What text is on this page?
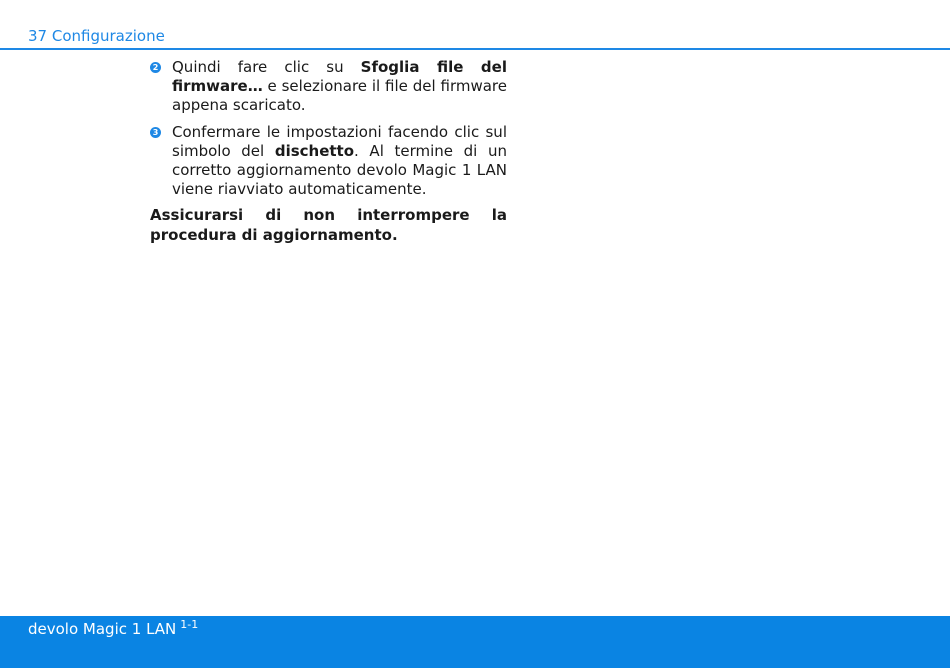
37 Configurazione
2 Quindi fare clic su Sfoglia file del firmware… e selezionare il file del firmware appena scaricato.
3 Confermare le impostazioni facendo clic sul simbolo del dischetto. Al termine di un corretto aggiornamento devolo Magic 1 LAN viene riavviato automaticamente.

Assicurarsi di non interrompere la procedura di aggiornamento.

devolo Magic 1 LAN $^{1-1}$
